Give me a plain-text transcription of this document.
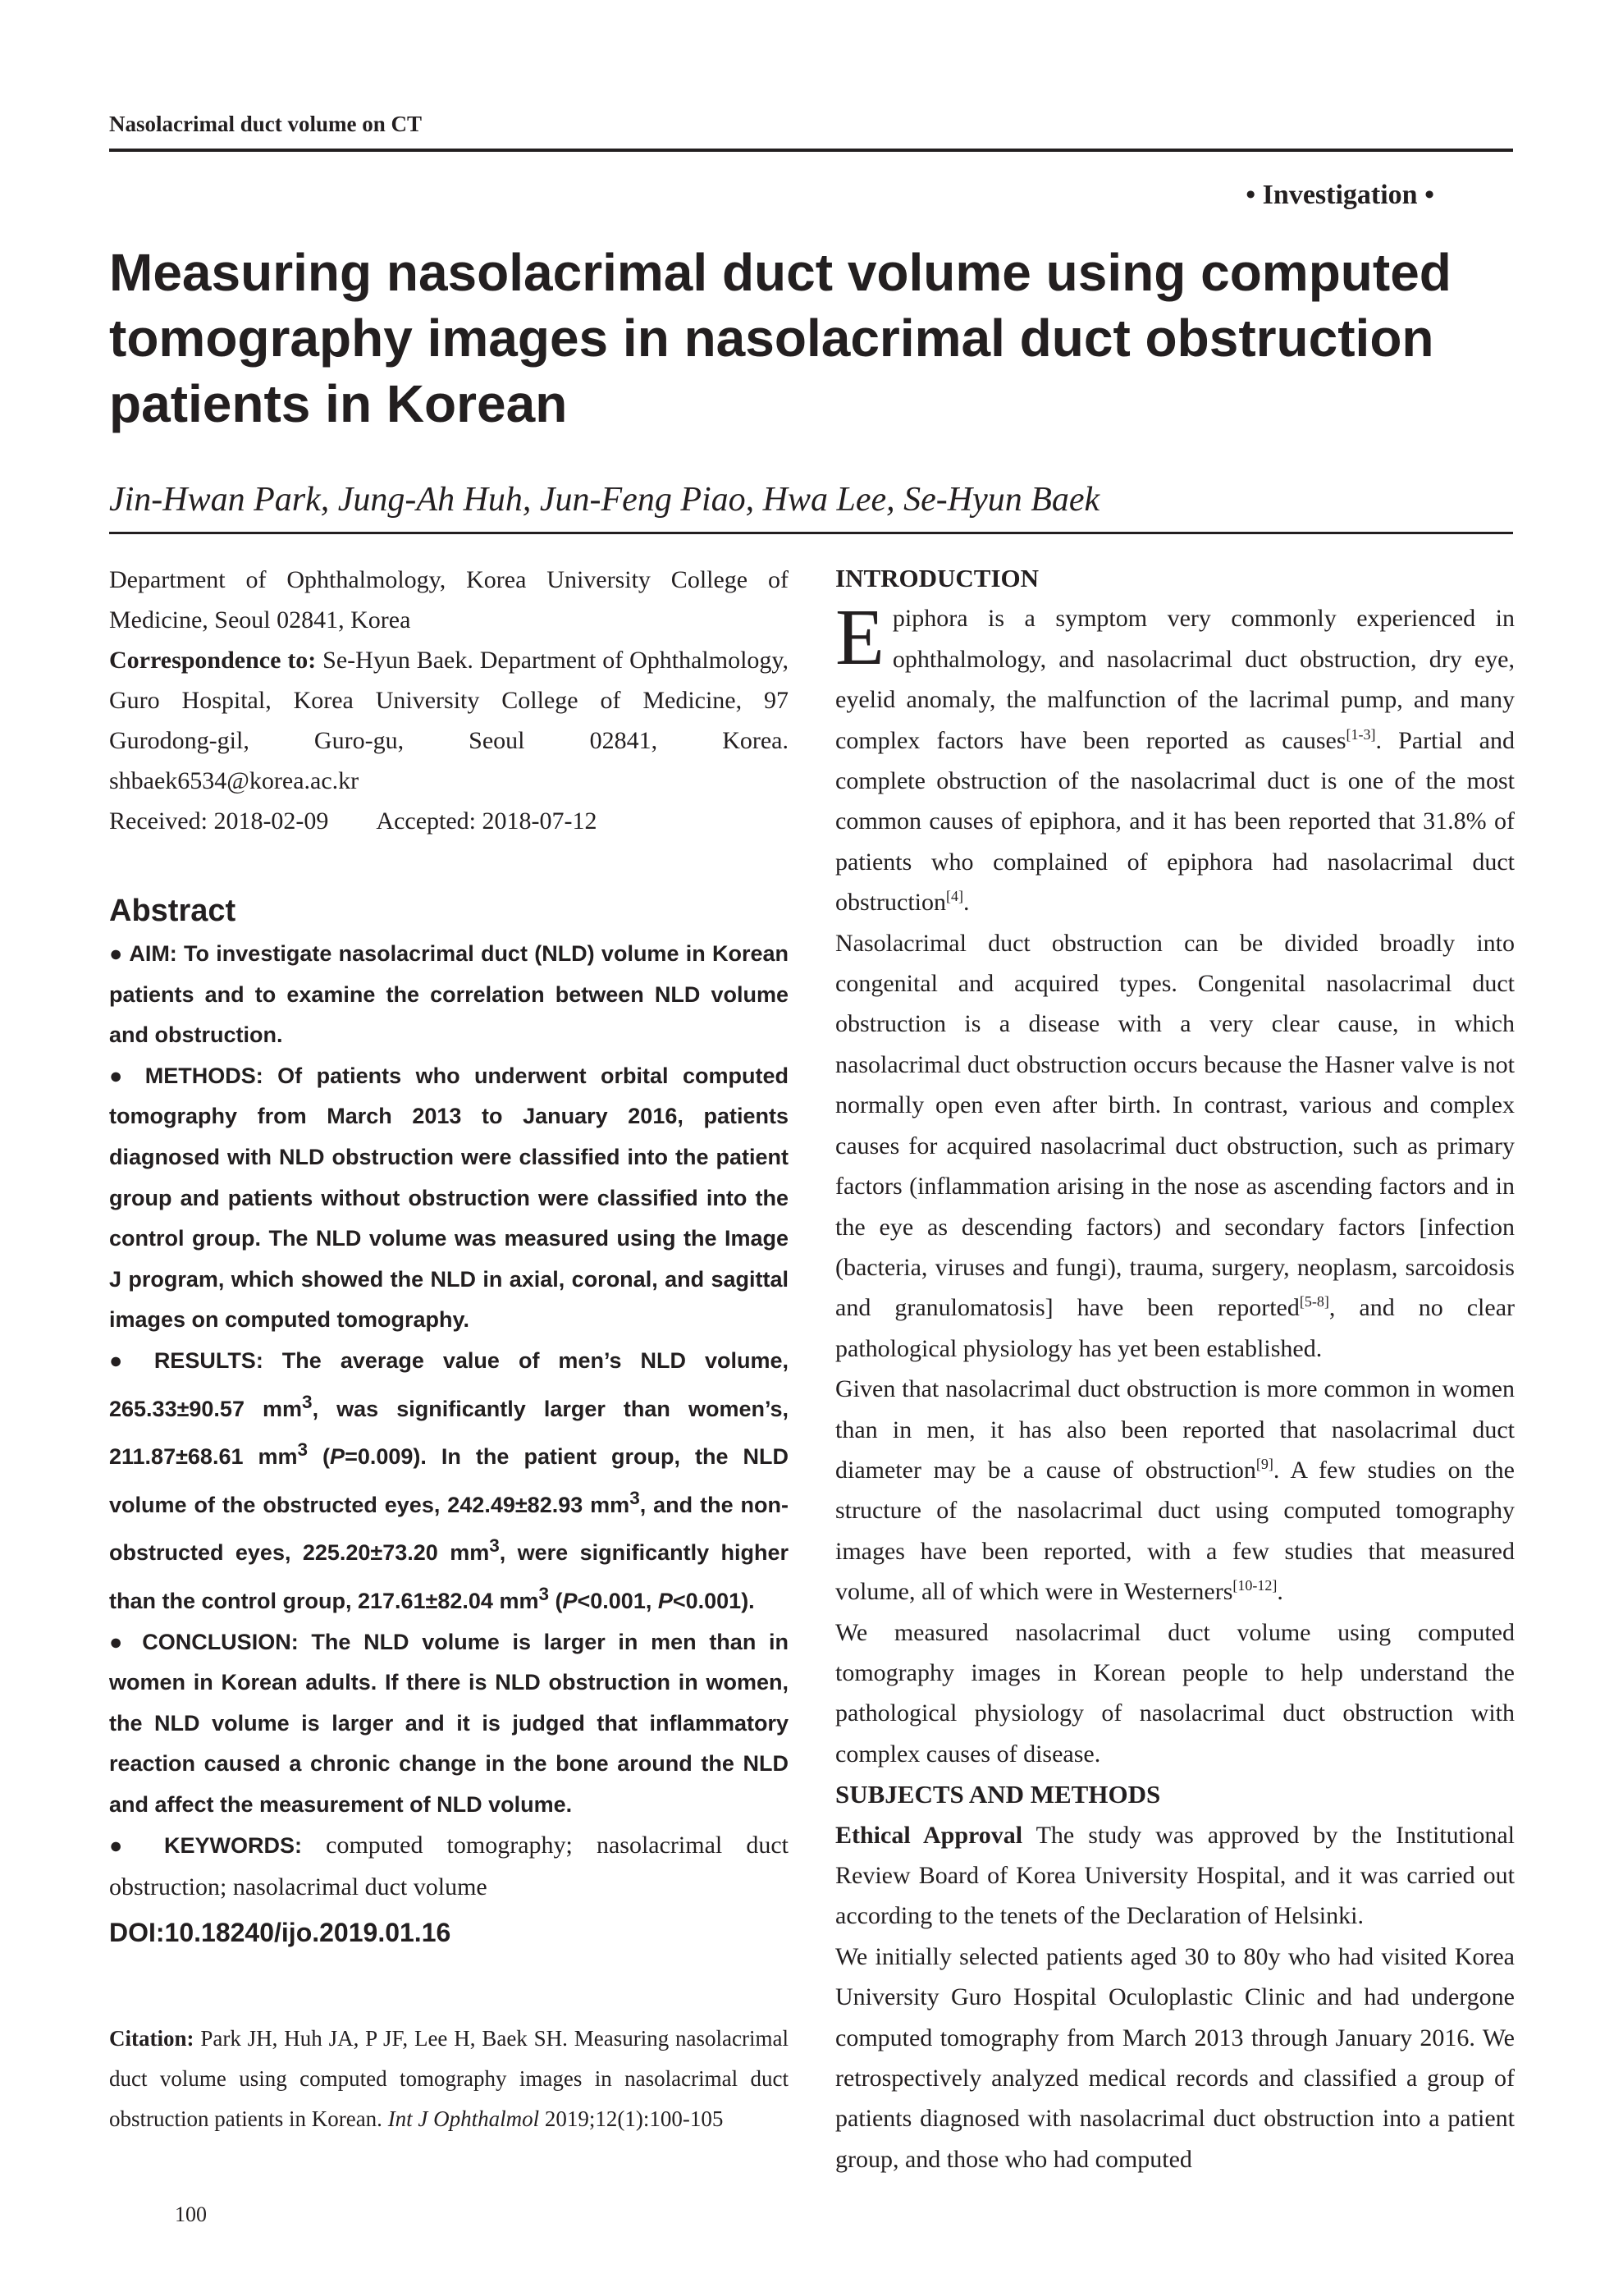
Nasolacrimal duct volume on CT
• Investigation •
Measuring nasolacrimal duct volume using computed tomography images in nasolacrimal duct obstruction patients in Korean
Jin-Hwan Park, Jung-Ah Huh, Jun-Feng Piao, Hwa Lee, Se-Hyun Baek

Department of Ophthalmology, Korea University College of Medicine, Seoul 02841, Korea

Correspondence to: Se-Hyun Baek. Department of Ophthalmology, Guro Hospital, Korea University College of Medicine, 97 Gurodong-gil, Guro-gu, Seoul 02841, Korea. shbaek6534@korea.ac.kr

Received: 2018-02-09 Accepted: 2018-07-12

Abstract

● AIM: To investigate nasolacrimal duct (NLD) volume in Korean patients and to examine the correlation between NLD volume and obstruction.

● METHODS: Of patients who underwent orbital computed tomography from March 2013 to January 2016, patients diagnosed with NLD obstruction were classified into the patient group and patients without obstruction were classified into the control group. The NLD volume was measured using the Image J program, which showed the NLD in axial, coronal, and sagittal images on computed tomography.

● RESULTS: The average value of men’s NLD volume, 265.33±90.57 $mm^3$, was significantly larger than women’s, 211.87±68.61 $mm^3$ (P=0.009). In the patient group, the NLD volume of the obstructed eyes, 242.49±82.93 $mm^3$, and the non-obstructed eyes, 225.20±73.20 $mm^3$, were significantly higher than the control group, 217.61±82.04 $mm^3$ (P<0.001, P<0.001).

● CONCLUSION: The NLD volume is larger in men than in women in Korean adults. If there is NLD obstruction in women, the NLD volume is larger and it is judged that inflammatory reaction caused a chronic change in the bone around the NLD and affect the measurement of NLD volume.

● KEYWORDS: computed tomography; nasolacrimal duct obstruction; nasolacrimal duct volume

DOI:10.18240/ijo.2019.01.16

Citation: Park JH, Huh JA, P JF, Lee H, Baek SH. Measuring nasolacrimal duct volume using computed tomography images in nasolacrimal duct obstruction patients in Korean. Int J Ophthalmol 2019;12(1):100-105
100
INTRODUCTION

Epiphora is a symptom very commonly experienced in ophthalmology, and nasolacrimal duct obstruction, dry eye, eyelid anomaly, the malfunction of the lacrimal pump, and many complex factors have been reported as causes[1-3]. Partial and complete obstruction of the nasolacrimal duct is one of the most common causes of epiphora, and it has been reported that 31.8% of patients who complained of epiphora had nasolacrimal duct obstruction[4].

Nasolacrimal duct obstruction can be divided broadly into congenital and acquired types. Congenital nasolacrimal duct obstruction is a disease with a very clear cause, in which nasolacrimal duct obstruction occurs because the Hasner valve is not normally open even after birth. In contrast, various and complex causes for acquired nasolacrimal duct obstruction, such as primary factors (inflammation arising in the nose as ascending factors and in the eye as descending factors) and secondary factors [infection (bacteria, viruses and fungi), trauma, surgery, neoplasm, sarcoidosis and granulomatosis] have been reported[5-8], and no clear pathological physiology has yet been established.

Given that nasolacrimal duct obstruction is more common in women than in men, it has also been reported that nasolacrimal duct diameter may be a cause of obstruction[9]. A few studies on the structure of the nasolacrimal duct using computed tomography images have been reported, with a few studies that measured volume, all of which were in Westerners[10-12].

We measured nasolacrimal duct volume using computed tomography images in Korean people to help understand the pathological physiology of nasolacrimal duct obstruction with complex causes of disease.

SUBJECTS AND METHODS

Ethical Approval The study was approved by the Institutional Review Board of Korea University Hospital, and it was carried out according to the tenets of the Declaration of Helsinki.

We initially selected patients aged 30 to 80y who had visited Korea University Guro Hospital Oculoplastic Clinic and had undergone computed tomography from March 2013 through January 2016. We retrospectively analyzed medical records and classified a group of patients diagnosed with nasolacrimal duct obstruction into a patient group, and those who had computed
